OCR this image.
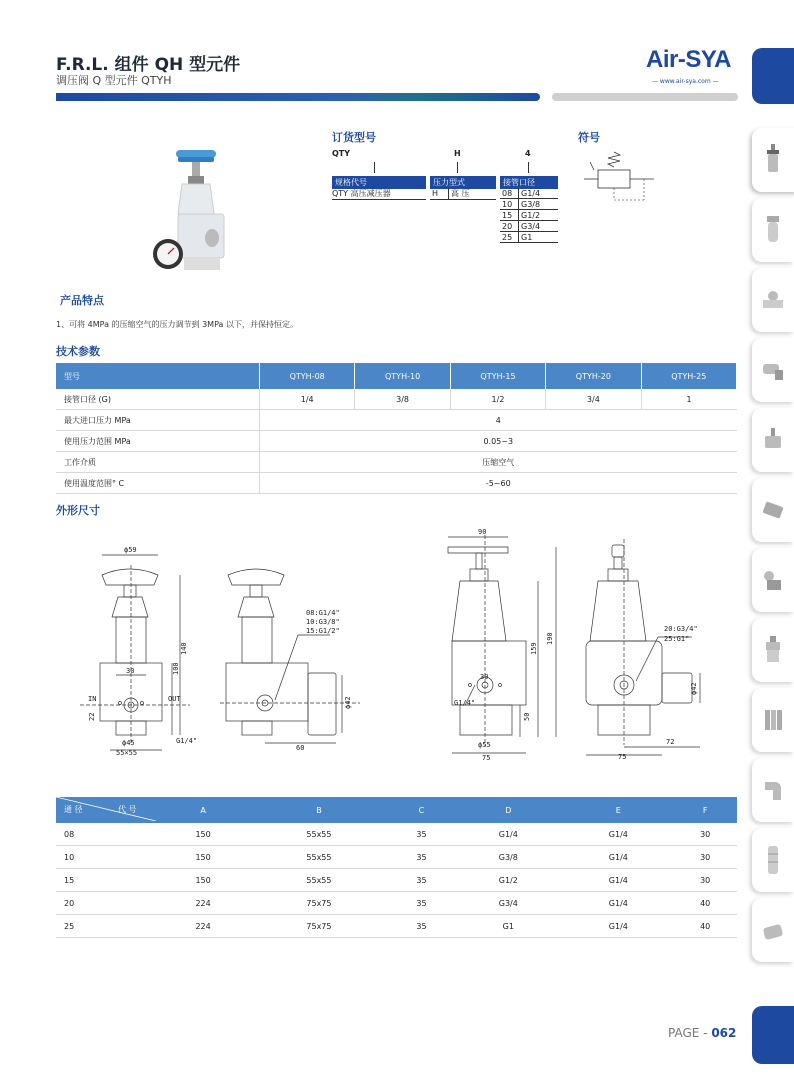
F.R.L. 组件 QH 型元件
调压阀 Q 型元件 QTYH
Air-SYA
— www.air-sya.com —
订货型号
QTY	H	4
规格代号
QTY 高压减压器
压力型式
H	高 压
接管口径
08	G1/4
10	G3/8
15	G1/2
20	G3/4
25	G1
符号
产品特点
1、可将 4MPa 的压缩空气的压力调节到 3MPa 以下，并保持恒定。
技术参数
型号	QTYH-08	QTYH-10	QTYH-15	QTYH-20	QTYH-25
接管口径 (G)	1/4	3/8	1/2	3/4	1
最大进口压力 MPa	4				
使用压力范围 MPa	0.05~3				
工作介质	压缩空气				
使用温度范围° C	-5~60				
外形尺寸
ϕ59
140
100
30
IN	OUT
22
ϕ45
55×55
G1/4"
08:G1/4"
10:G3/8"
15:G1/2"
60
ϕ42
90
190
159
30
G1/4"
50
ϕ55
75
20:G3/4"
25:G1"
ϕ42
72
75
通 径 代 号	A	B	C	D	E	F
08	150	55x55	35	G1/4	G1/4	30
10	150	55x55	35	G3/8	G1/4	30
15	150	55x55	35	G1/2	G1/4	30
20	224	75x75	35	G3/4	G1/4	40
25	224	75x75	35	G1	G1/4	40
PAGE - 062
